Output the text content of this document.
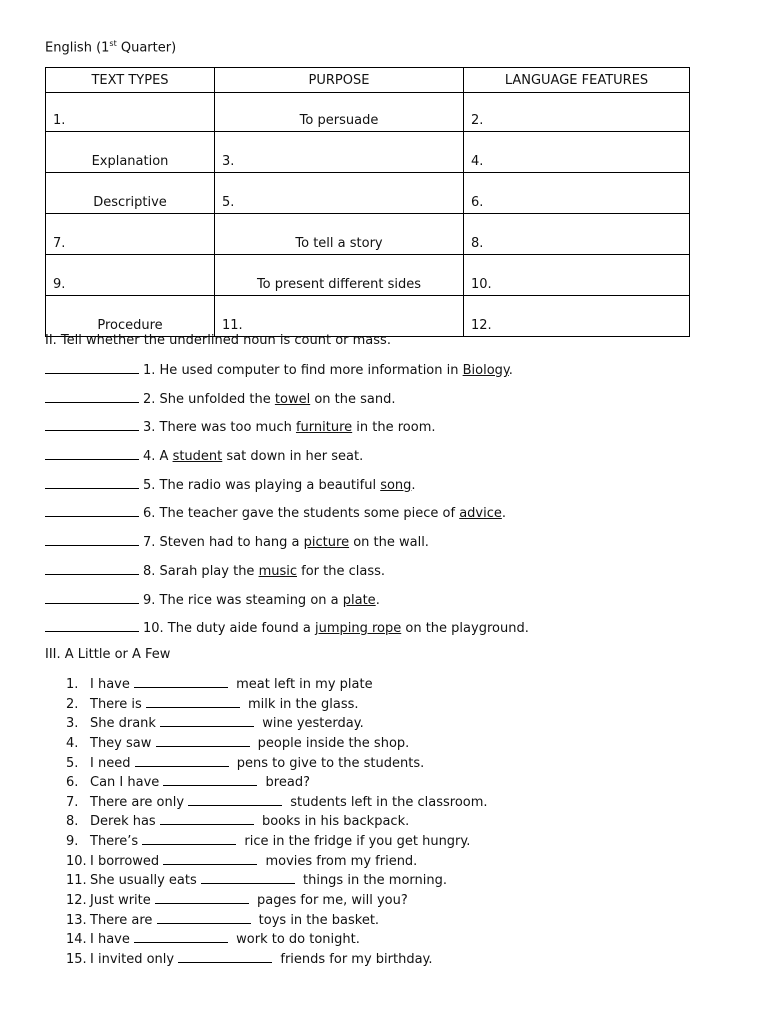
English (1st Quarter)
TEXT TYPES	PURPOSE	LANGUAGE FEATURES
1.	To persuade	2.
Explanation	3.	4.
Descriptive	5.	6.
7.	To tell a story	8.
9.	To present different sides	10.
Procedure	11.	12.
II. Tell whether the underlined noun is count or mass.
1. He used computer to find more information in Biology.
2. She unfolded the towel on the sand.
3. There was too much furniture in the room.
4. A student sat down in her seat.
5. The radio was playing a beautiful song.
6. The teacher gave the students some piece of advice.
7. Steven had to hang a picture on the wall.
8. Sarah play the music for the class.
9. The rice was steaming on a plate.
10. The duty aide found a jumping rope on the playground.
III. A Little or A Few
1. I have	meat left in my plate
2. There is	milk in the glass.
3. She drank	wine yesterday.
4. They saw	people inside the shop.
5. I need	pens to give to the students.
6. Can I have	bread?
7. There are only	students left in the classroom.
8. Derek has	books in his backpack.
9. There’s	rice in the fridge if you get hungry.
10. I borrowed	movies from my friend.
11. She usually eats	things in the morning.
12. Just write	pages for me, will you?
13. There are	toys in the basket.
14. I have	work to do tonight.
15. I invited only	friends for my birthday.
